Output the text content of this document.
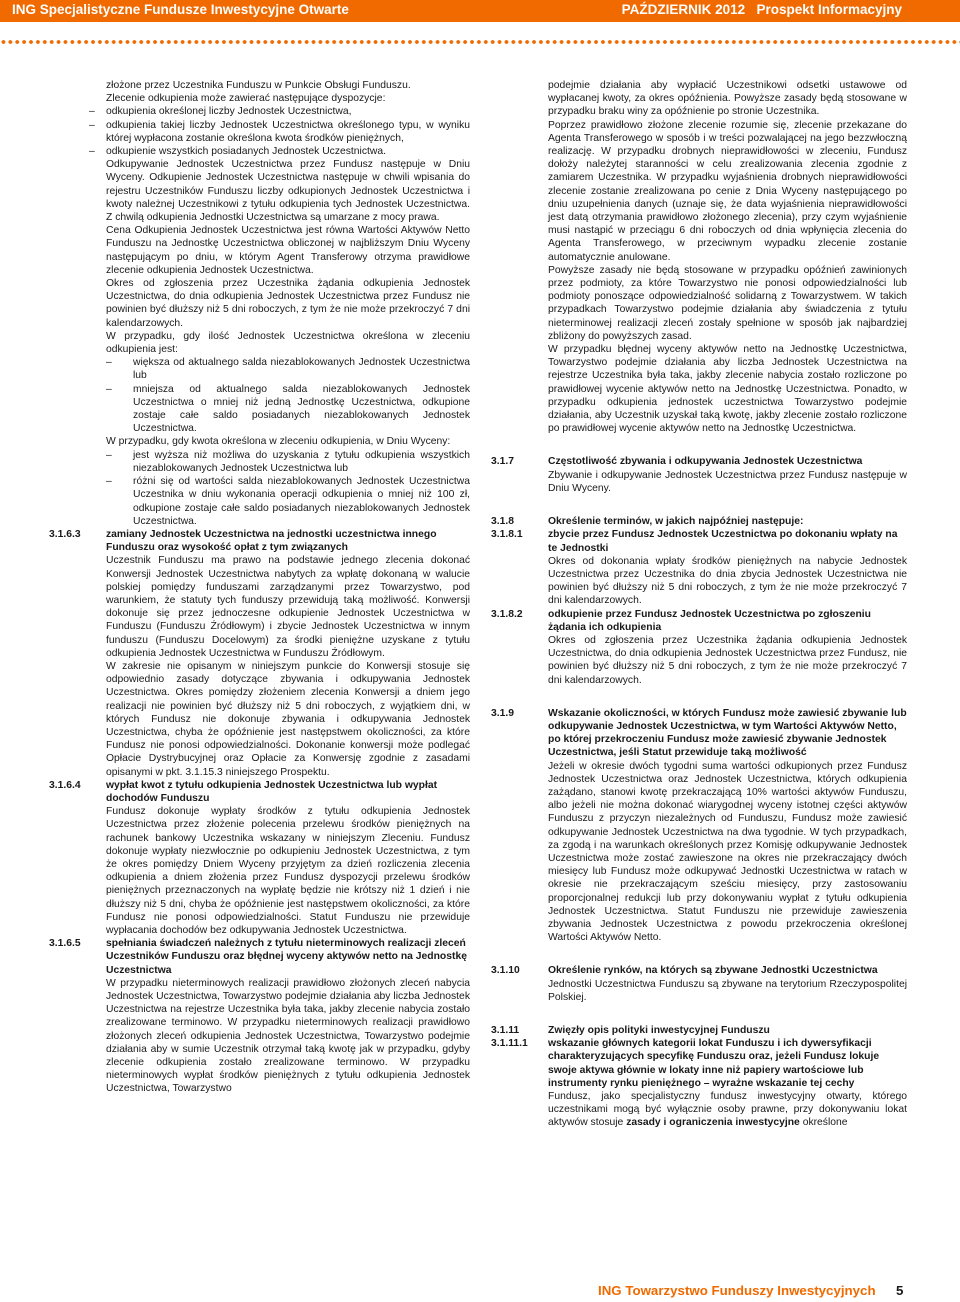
ING Specjalistyczne Fundusze Inwestycyjne Otwarte	PAŹDZIERNIK 2012   Prospekt Informacyjny
złożone przez Uczestnika Funduszu w Punkcie Obsługi Funduszu.
Zlecenie odkupienia może zawierać następujące dyspozycje:
– odkupienia określonej liczby Jednostek Uczestnictwa,
– odkupienia takiej liczby Jednostek Uczestnictwa określonego typu, w wyniku której wypłacona zostanie określona kwota środków pieniężnych,
– odkupienie wszystkich posiadanych Jednostek Uczestnictwa.
Odkupywanie Jednostek Uczestnictwa przez Fundusz następuje w Dniu Wyceny. Odkupienie Jednostek Uczestnictwa następuje w chwili wpisania do rejestru Uczestników Funduszu liczby odkupionych Jednostek Uczestnictwa i kwoty należnej Uczestnikowi z tytułu odkupienia tych Jednostek Uczestnictwa. Z chwilą odkupienia Jednostki Uczestnictwa są umarzane z mocy prawa.
Cena Odkupienia Jednostek Uczestnictwa jest równa Wartości Aktywów Netto Funduszu na Jednostkę Uczestnictwa obliczonej w najbliższym Dniu Wyceny następującym po dniu, w którym Agent Transferowy otrzyma prawidłowe zlecenie odkupienia Jednostek Uczestnictwa.
Okres od zgłoszenia przez Uczestnika żądania odkupienia Jednostek Uczestnictwa, do dnia odkupienia Jednostek Uczestnictwa przez Fundusz nie powinien być dłuższy niż 5 dni roboczych, z tym że nie może przekroczyć 7 dni kalendarzowych.
W przypadku, gdy ilość Jednostek Uczestnictwa określona w zleceniu odkupienia jest:
– większa od aktualnego salda niezablokowanych Jednostek Uczestnictwa lub
– mniejsza od aktualnego salda niezablokowanych Jednostek Uczestnictwa o mniej niż jedną Jednostkę Uczestnictwa, odkupione zostaje całe saldo posiadanych niezablokowanych Jednostek Uczestnictwa.
W przypadku, gdy kwota określona w zleceniu odkupienia, w Dniu Wyceny:
– jest wyższa niż możliwa do uzyskania z tytułu odkupienia wszystkich niezablokowanych Jednostek Uczestnictwa lub
– różni się od wartości salda niezablokowanych Jednostek Uczestnictwa Uczestnika w dniu wykonania operacji odkupienia o mniej niż 100 zł, odkupione zostaje całe saldo posiadanych niezablokowanych Jednostek Uczestnictwa.
3.1.6.3 zamiany Jednostek Uczestnictwa na jednostki uczestnictwa innego Funduszu oraz wysokość opłat z tym związanych
Uczestnik Funduszu ma prawo na podstawie jednego zlecenia dokonać Konwersji Jednostek Uczestnictwa nabytych za wpłatę dokonaną w walucie polskiej pomiędzy funduszami zarządzanymi przez Towarzystwo, pod warunkiem, że statuty tych funduszy przewidują taką możliwość. Konwersji dokonuje się przez jednoczesne odkupienie Jednostek Uczestnictwa w Funduszu (Funduszu Źródłowym) i zbycie Jednostek Uczestnictwa w innym funduszu (Funduszu Docelowym) za środki pieniężne uzyskane z tytułu odkupienia Jednostek Uczestnictwa w Funduszu Źródłowym.
W zakresie nie opisanym w niniejszym punkcie do Konwersji stosuje się odpowiednio zasady dotyczące zbywania i odkupywania Jednostek Uczestnictwa. Okres pomiędzy złożeniem zlecenia Konwersji a dniem jego realizacji nie powinien być dłuższy niż 5 dni roboczych, z wyjątkiem dni, w których Fundusz nie dokonuje zbywania i odkupywania Jednostek Uczestnictwa, chyba że opóźnienie jest następstwem okoliczności, za które Fundusz nie ponosi odpowiedzialności. Dokonanie konwersji może podlegać Opłacie Dystrybucyjnej oraz Opłacie za Konwersję zgodnie z zasadami opisanymi w pkt. 3.1.15.3 niniejszego Prospektu.
3.1.6.4 wypłat kwot z tytułu odkupienia Jednostek Uczestnictwa lub wypłat dochodów Funduszu
Fundusz dokonuje wypłaty środków z tytułu odkupienia Jednostek Uczestnictwa przez złożenie polecenia przelewu środków pieniężnych na rachunek bankowy Uczestnika wskazany w niniejszym Zleceniu. Fundusz dokonuje wypłaty niezwłocznie po odkupieniu Jednostek Uczestnictwa, z tym że okres pomiędzy Dniem Wyceny przyjętym za dzień rozliczenia zlecenia odkupienia a dniem złożenia przez Fundusz dyspozycji przelewu środków pieniężnych przeznaczonych na wypłatę będzie nie krótszy niż 1 dzień i nie dłuższy niż 5 dni, chyba że opóźnienie jest następstwem okoliczności, za które Fundusz nie ponosi odpowiedzialności. Statut Funduszu nie przewiduje wypłacania dochodów bez odkupywania Jednostek Uczestnictwa.
3.1.6.5 spełniania świadczeń należnych z tytułu nieterminowych realizacji zleceń Uczestników Funduszu oraz błędnej wyceny aktywów netto na Jednostkę Uczestnictwa
W przypadku nieterminowych realizacji prawidłowo złożonych zleceń nabycia Jednostek Uczestnictwa, Towarzystwo podejmie działania aby liczba Jednostek Uczestnictwa na rejestrze Uczestnika była taka, jakby zlecenie nabycia zostało zrealizowane terminowo. W przypadku nieterminowych realizacji prawidłowo złożonych zleceń odkupienia Jednostek Uczestnictwa, Towarzystwo podejmie działania aby w sumie Uczestnik otrzymał taką kwotę jak w przypadku, gdyby zlecenie odkupienia zostało zrealizowane terminowo. W przypadku nieterminowych wypłat środków pieniężnych z tytułu odkupienia Jednostek Uczestnictwa, Towarzystwo
podejmie działania aby wypłacić Uczestnikowi odsetki ustawowe od wypłacanej kwoty, za okres opóźnienia. Powyższe zasady będą stosowane w przypadku braku winy za opóźnienie po stronie Uczestnika.
Poprzez prawidłowo złożone zlecenie rozumie się, zlecenie przekazane do Agenta Transferowego w sposób i w treści pozwalającej na jego bezzwłoczną realizację. W przypadku drobnych nieprawidłowości w zleceniu, Fundusz dołoży należytej staranności w celu zrealizowania zlecenia zgodnie z zamiarem Uczestnika. W przypadku wyjaśnienia drobnych nieprawidłowości zlecenie zostanie zrealizowana po cenie z Dnia Wyceny następującego po dniu uzupełnienia danych (uznaje się, że data wyjaśnienia nieprawidłowości jest datą otrzymania prawidłowo złożonego zlecenia), przy czym wyjaśnienie musi nastąpić w przeciągu 6 dni roboczych od dnia wpłynięcia zlecenia do Agenta Transferowego, w przeciwnym wypadku zlecenie zostanie automatycznie anulowane.
Powyższe zasady nie będą stosowane w przypadku opóźnień zawinionych przez podmioty, za które Towarzystwo nie ponosi odpowiedzialności lub podmioty ponoszące odpowiedzialność solidarną z Towarzystwem. W takich przypadkach Towarzystwo podejmie działania aby świadczenia z tytułu nieterminowej realizacji zleceń zostały spełnione w sposób jak najbardziej zbliżony do powyższych zasad.
W przypadku błędnej wyceny aktywów netto na Jednostkę Uczestnictwa, Towarzystwo podejmie działania aby liczba Jednostek Uczestnictwa na rejestrze Uczestnika była taka, jakby zlecenie nabycia zostało rozliczone po prawidłowej wycenie aktywów netto na Jednostkę Uczestnictwa. Ponadto, w przypadku odkupienia jednostek uczestnictwa Towarzystwo podejmie działania, aby Uczestnik uzyskał taką kwotę, jakby zlecenie zostało rozliczone po prawidłowej wycenie aktywów netto na Jednostkę Uczestnictwa.
3.1.7	Częstotliwość zbywania i odkupywania Jednostek Uczestnictwa
Zbywanie i odkupywanie Jednostek Uczestnictwa przez Fundusz następuje w Dniu Wyceny.
3.1.8	Określenie terminów, w jakich najpóźniej następuje:
3.1.8.1 zbycie przez Fundusz Jednostek Uczestnictwa po dokonaniu wpłaty na te Jednostki
Okres od dokonania wpłaty środków pieniężnych na nabycie Jednostek Uczestnictwa przez Uczestnika do dnia zbycia Jednostek Uczestnictwa nie powinien być dłuższy niż 5 dni roboczych, z tym że nie może przekroczyć 7 dni kalendarzowych.
3.1.8.2 odkupienie przez Fundusz Jednostek Uczestnictwa po zgłoszeniu żądania ich odkupienia
Okres od zgłoszenia przez Uczestnika żądania odkupienia Jednostek Uczestnictwa, do dnia odkupienia Jednostek Uczestnictwa przez Fundusz, nie powinien być dłuższy niż 5 dni roboczych, z tym że nie może przekroczyć 7 dni kalendarzowych.
3.1.9	Wskazanie okoliczności, w których Fundusz może zawiesić zbywanie lub odkupywanie Jednostek Uczestnictwa, w tym Wartości Aktywów Netto, po której przekroczeniu Fundusz może zawiesić zbywanie Jednostek Uczestnictwa, jeśli Statut przewiduje taką możliwość
Jeżeli w okresie dwóch tygodni suma wartości odkupionych przez Fundusz Jednostek Uczestnictwa oraz Jednostek Uczestnictwa, których odkupienia zażądano, stanowi kwotę przekraczającą 10% wartości aktywów Funduszu, albo jeżeli nie można dokonać wiarygodnej wyceny istotnej części aktywów Funduszu z przyczyn niezależnych od Funduszu, Fundusz może zawiesić odkupywanie Jednostek Uczestnictwa na dwa tygodnie. W tych przypadkach, za zgodą i na warunkach określonych przez Komisję odkupywanie Jednostek Uczestnictwa może zostać zawieszone na okres nie przekraczający dwóch miesięcy lub Fundusz może odkupywać Jednostki Uczestnictwa w ratach w okresie nie przekraczającym sześciu miesięcy, przy zastosowaniu proporcjonalnej redukcji lub przy dokonywaniu wypłat z tytułu odkupienia Jednostek Uczestnictwa. Statut Funduszu nie przewiduje zawieszenia zbywania Jednostek Uczestnictwa z powodu przekroczenia określonej Wartości Aktywów Netto.
3.1.10	Określenie rynków, na których są zbywane Jednostki Uczestnictwa
Jednostki Uczestnictwa Funduszu są zbywane na terytorium Rzeczypospolitej Polskiej.
3.1.11	Zwięzły opis polityki inwestycyjnej Funduszu
3.1.11.1 wskazanie głównych kategorii lokat Funduszu i ich dywersyfikacji charakteryzujących specyfikę Funduszu oraz, jeżeli Fundusz lokuje swoje aktywa głównie w lokaty inne niż papiery wartościowe lub instrumenty rynku pieniężnego – wyrażne wskazanie tej cechy
Fundusz, jako specjalistyczny fundusz inwestycyjny otwarty, którego uczestnikami mogą być wyłącznie osoby prawne, przy dokonywaniu lokat aktywów stosuje zasady i ograniczenia inwestycyjne określone
ING Towarzystwo Funduszy Inwestycyjnych 5
